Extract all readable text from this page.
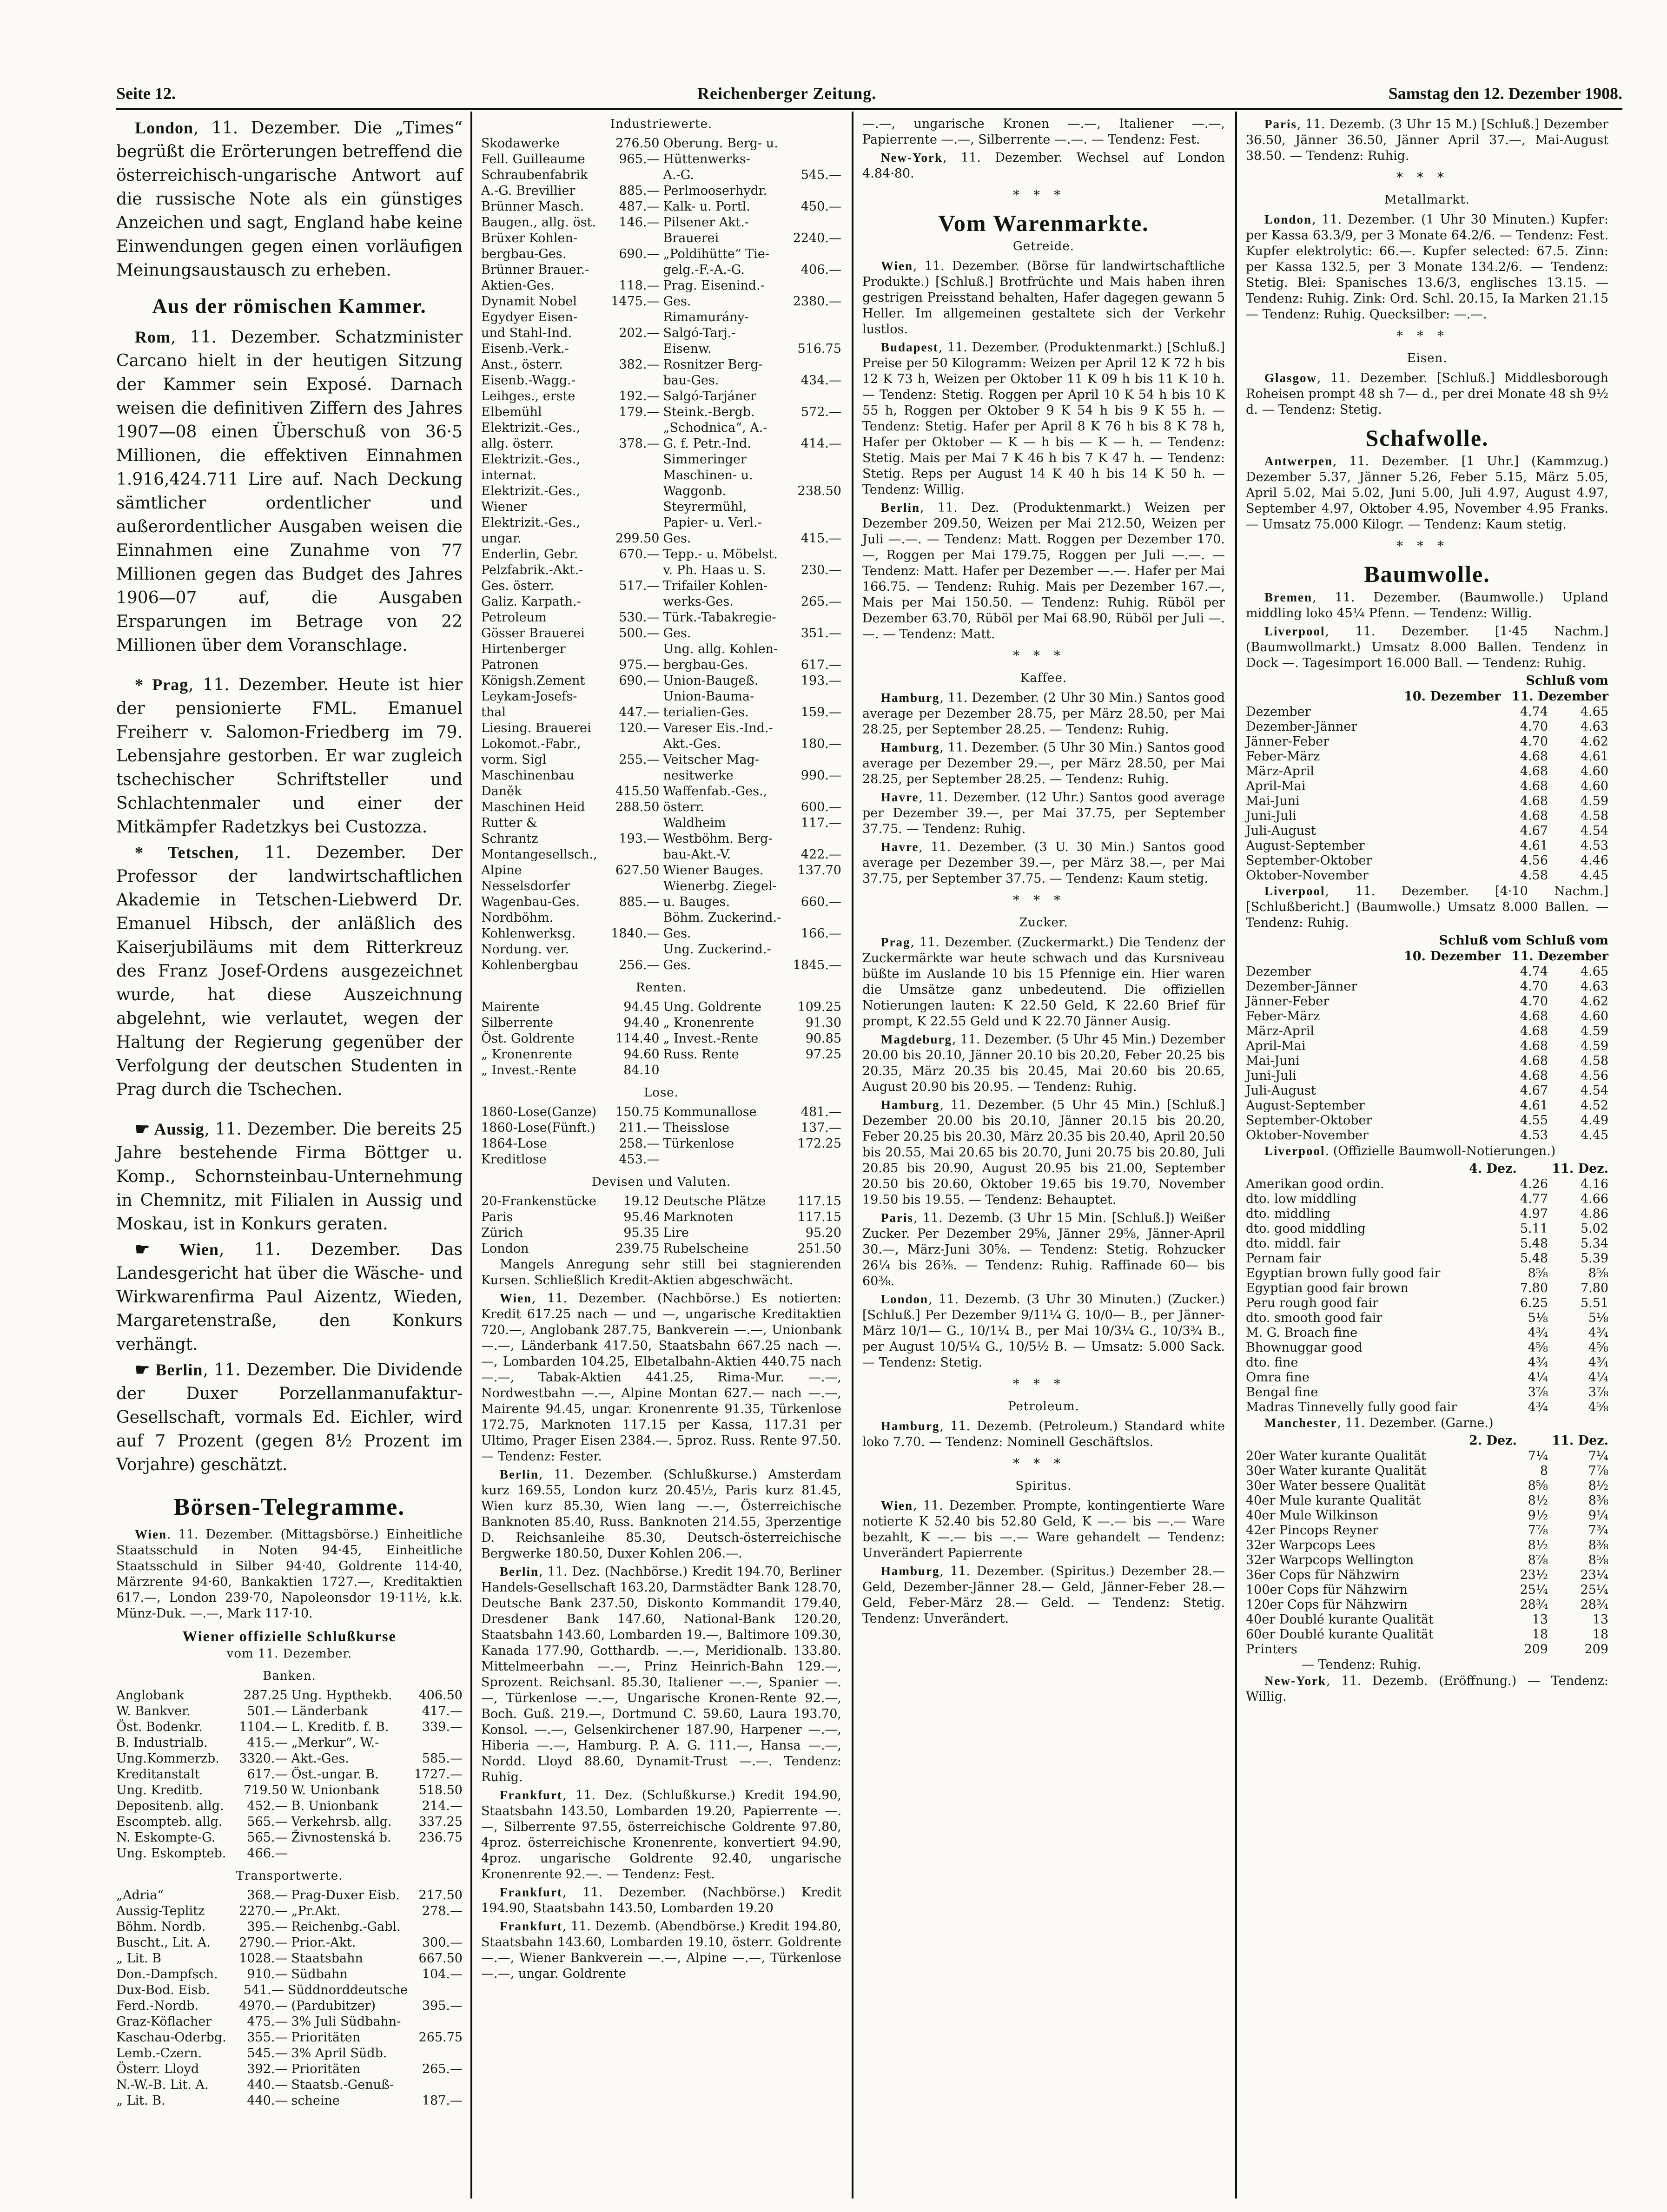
Seite 12.	Reichenberger Zeitung.	Samstag den 12. Dezember 1908.

London, 11. Dezember. Die „Times“ begrüßt die Erörterungen betreffend die österreichisch-ungarische Antwort auf die russische Note als ein günstiges Anzeichen und sagt, England habe keine Einwendungen gegen einen vorläufigen Meinungsaustausch zu erheben.

Aus der römischen Kammer.

Rom, 11. Dezember. Schatzminister Carcano hielt in der heutigen Sitzung der Kammer sein Exposé. Darnach weisen die definitiven Ziffern des Jahres 1907—08 einen Überschuß von 36·5 Millionen, die effektiven Einnahmen 1.916,424.711 Lire auf. Nach Deckung sämtlicher ordentlicher und außerordentlicher Ausgaben weisen die Einnahmen eine Zunahme von 77 Millionen gegen das Budget des Jahres 1906—07 auf, die Ausgaben Ersparungen im Betrage von 22 Millionen über dem Voranschlage.

* Prag, 11. Dezember. Heute ist hier der pensionierte FML. Emanuel Freiherr v. Salomon-Friedberg im 79. Lebensjahre gestorben. Er war zugleich tschechischer Schriftsteller und Schlachtenmaler und einer der Mitkämpfer Radetzkys bei Custozza.

* Tetschen, 11. Dezember. Der Professor der landwirtschaftlichen Akademie in Tetschen-Liebwerd Dr. Emanuel Hibsch, der anläßlich des Kaiserjubiläums mit dem Ritterkreuz des Franz Josef-Ordens ausgezeichnet wurde, hat diese Auszeichnung abgelehnt, wie verlautet, wegen der Haltung der Regierung gegenüber der Verfolgung der deutschen Studenten in Prag durch die Tschechen.

☛ Aussig, 11. Dezember. Die bereits 25 Jahre bestehende Firma Böttger u. Komp., Schornsteinbau-Unternehmung in Chemnitz, mit Filialen in Aussig und Moskau, ist in Konkurs geraten.

☛ Wien, 11. Dezember. Das Landesgericht hat über die Wäsche- und Wirkwarenfirma Paul Aizentz, Wieden, Margaretenstraße, den Konkurs verhängt.

☛ Berlin, 11. Dezember. Die Dividende der Duxer Porzellanmanufaktur-Gesellschaft, vormals Ed. Eichler, wird auf 7 Prozent (gegen 8½ Prozent im Vorjahre) geschätzt.

Börsen-Telegramme.

Wien. 11. Dezember. (Mittagsbörse.) Einheitliche Staatsschuld in Noten 94·45, Einheitliche Staatsschuld in Silber 94·40, Goldrente 114·40, Märzrente 94·60, Bankaktien 1727.—, Kreditaktien 617.—, London 239·70, Napoleonsdor 19·11½, k.k. Münz-Duk. —.—, Mark 117·10.

Wiener offizielle Schlußkurse
vom 11. Dezember.
Banken.
Anglobank	287.25 Ung. Hypthekb.	406.50
W. Bankver.	501.— Länderbank	417.—
Öst. Bodenkr.	1104.— L. Kreditb. f. B.	339.—
B. Industrialb.	415.— „Merkur“, W.-
Ung.Kommerzb.	3320.— Akt.-Ges.	585.—
Kreditanstalt	617.— Öst.-ungar. B.	1727.—
Ung. Kreditb.	719.50 W. Unionbank	518.50
Depositenb. allg.	452.— B. Unionbank	214.—
Escompteb. allg.	565.— Verkehrsb. allg.	337.25
N. Eskompte-G.	565.— Živnostenská b.	236.75
Ung. Eskompteb.	466.—
Transportwerte.
„Adria“	368.— Prag-Duxer Eisb.	217.50
Aussig-Teplitz	2270.— „Pr.Akt.	278.—
Böhm. Nordb.	395.— Reichenbg.-Gabl.
Buscht., Lit. A.	2790.— Prior.-Akt.	300.—
„ Lit. B	1028.— Staatsbahn	667.50
Don.-Dampfsch.	910.— Südbahn	104.—
Dux-Bod. Eisb.	541.— Süddnorddeutsche
Ferd.-Nordb.	4970.— (Pardubitzer)	395.—
Graz-Köflacher	475.— 3% Juli Südbahn-
Kaschau-Oderbg.	355.— Prioritäten	265.75
Lemb.-Czern.	545.— 3% April Südb.
Österr. Lloyd	392.— Prioritäten	265.—
N.-W.-B. Lit. A.	440.— Staatsb.-Genuß-
„ Lit. B.	440.— scheine	187.—
Industriewerte.
Skodawerke	276.50 Oberung. Berg- u.
Fell. Guilleaume	965.— Hüttenwerks-
Schraubenfabrik	A.-G.	545.—
A.-G. Brevillier	885.— Perlmooserhydr.
Brünner Masch.	487.— Kalk- u. Portl.	450.—
Baugen., allg. öst.	146.— Pilsener Akt.-
Brüxer Kohlen-	Brauerei	2240.—
bergbau-Ges.	690.— „Poldihütte“ Tie-
Brünner Brauer.-	gelg.-F.-A.-G.	406.—
Aktien-Ges.	118.— Prag. Eisenind.-
Dynamit Nobel	1475.— Ges.	2380.—
Egydyer Eisen-	Rimamurány-
und Stahl-Ind.	202.— Salgó-Tarj.-
Eisenb.-Verk.-	Eisenw.	516.75
Anst., österr.	382.— Rosnitzer Berg-
Eisenb.-Wagg.-	bau-Ges.	434.—
Leihges., erste	192.— Salgó-Tarjáner
Elbemühl	179.— Steink.-Bergb.	572.—
Elektrizit.-Ges.,	„Schodnica“, A.-
allg. österr.	378.— G. f. Petr.-Ind.	414.—
Elektrizit.-Ges.,	Simmeringer
internat.	Maschinen- u.
Elektrizit.-Ges.,	Waggonb.	238.50
Wiener	Steyrermühl,
Elektrizit.-Ges.,	Papier- u. Verl.-
ungar.	299.50 Ges.	415.—
Enderlin, Gebr.	670.— Tepp.- u. Möbelst.
Pelzfabrik.-Akt.-	v. Ph. Haas u. S.	230.—
Ges. österr.	517.— Trifailer Kohlen-
Galiz. Karpath.-	werks-Ges.	265.—
Petroleum	530.— Türk.-Tabakregie-
Gösser Brauerei	500.— Ges.	351.—
Hirtenberger	Ung. allg. Kohlen-
Patronen	975.— bergbau-Ges.	617.—
Königsh.Zement	690.— Union-Baugeß.	193.—
Leykam-Josefs-	Union-Bauma-
thal	447.— terialien-Ges.	159.—
Liesing. Brauerei	120.— Vareser Eis.-Ind.-
Lokomot.-Fabr.,	Akt.-Ges.	180.—
vorm. Sigl	255.— Veitscher Mag-
Maschinenbau	nesitwerke	990.—
Daněk	415.50 Waffenfab.-Ges.,
Maschinen Heid	288.50 österr.	600.—
Rutter &	Waldheim	117.—
Schrantz	193.— Westböhm. Berg-
Montangesellsch.,	bau-Akt.-V.	422.—
Alpine	627.50 Wiener Bauges.	137.70
Nesselsdorfer	Wienerbg. Ziegel-
Wagenbau-Ges.	885.— u. Bauges.	660.—
Nordböhm.	Böhm. Zuckerind.-
Kohlenwerksg.	1840.— Ges.	166.—
Nordung. ver.	Ung. Zuckerind.-
Kohlenbergbau	256.— Ges.	1845.—
Renten.
Mairente	94.45 Ung. Goldrente	109.25
Silberrente	94.40 „ Kronenrente	91.30
Öst. Goldrente	114.40 „ Invest.-Rente	90.85
„ Kronenrente	94.60 Russ. Rente	97.25
„ Invest.-Rente	84.10
Lose.
1860-Lose(Ganze)	150.75 Kommunallose	481.—
1860-Lose(Fünft.)	211.— Theisslose	137.—
1864-Lose	258.— Türkenlose	172.25
Kreditlose	453.—
Devisen und Valuten.
20-Frankenstücke	19.12 Deutsche Plätze	117.15
Paris	95.46 Marknoten	117.15
Zürich	95.35 Lire	95.20
London	239.75 Rubelscheine	251.50

Mangels Anregung sehr still bei stagnierenden Kursen. Schließlich Kredit-Aktien abgeschwächt.

Wien, 11. Dezember. (Nachbörse.) Es notierten: Kredit 617.25 nach — und —, ungarische Kreditaktien 720.—, Anglobank 287.75, Bankverein —.—, Unionbank —.—, Länderbank 417.50, Staatsbahn 667.25 nach —.—, Lombarden 104.25, Elbetalbahn-Aktien 440.75 nach —.—, Tabak-Aktien 441.25, Rima-Mur. —.—, Nordwestbahn —.—, Alpine Montan 627.— nach —.—, Mairente 94.45, ungar. Kronenrente 91.35, Türkenlose 172.75, Marknoten 117.15 per Kassa, 117.31 per Ultimo, Prager Eisen 2384.—. 5proz. Russ. Rente 97.50. — Tendenz: Fester.

Berlin, 11. Dezember. (Schlußkurse.) Amsterdam kurz 169.55, London kurz 20.45½, Paris kurz 81.45, Wien kurz 85.30, Wien lang —.—, Österreichische Banknoten 85.40, Russ. Banknoten 214.55, 3perzentige D. Reichsanleihe 85.30, Deutsch-österreichische Bergwerke 180.50, Duxer Kohlen 206.—.

Berlin, 11. Dez. (Nachbörse.) Kredit 194.70, Berliner Handels-Gesellschaft 163.20, Darmstädter Bank 128.70, Deutsche Bank 237.50, Diskonto Kommandit 179.40, Dresdener Bank 147.60, National-Bank 120.20, Staatsbahn 143.60, Lombarden 19.—, Baltimore 109.30, Kanada 177.90, Gotthardb. —.—, Meridionalb. 133.80. Mittelmeerbahn —.—, Prinz Heinrich-Bahn 129.—, Sprozent. Reichsanl. 85.30, Italiener —.—, Spanier —.—, Türkenlose —.—, Ungarische Kronen-Rente 92.—, Boch. Guß. 219.—, Dortmund C. 59.60, Laura 193.70, Konsol. —.—, Gelsenkirchener 187.90, Harpener —.—, Hiberia —.—, Hamburg. P. A. G. 111.—, Hansa —.—, Nordd. Lloyd 88.60, Dynamit-Trust —.—. Tendenz: Ruhig.

Frankfurt, 11. Dez. (Schlußkurse.) Kredit 194.90, Staatsbahn 143.50, Lombarden 19.20, Papierrente —.—, Silberrente 97.55, österreichische Goldrente 97.80, 4proz. österreichische Kronenrente, konvertiert 94.90, 4proz. ungarische Goldrente 92.40, ungarische Kronenrente 92.—. — Tendenz: Fest.

Frankfurt, 11. Dezember. (Nachbörse.) Kredit 194.90, Staatsbahn 143.50, Lombarden 19.20

Frankfurt, 11. Dezemb. (Abendbörse.) Kredit 194.80, Staatsbahn 143.60, Lombarden 19.10, österr. Goldrente —.—, Wiener Bankverein —.—, Alpine —.—, Türkenlose —.—, ungar. Goldrente

—.—, ungarische Kronen —.—, Italiener —.—, Papierrente —.—, Silberrente —.—. — Tendenz: Fest.

New-York, 11. Dezember. Wechsel auf London 4.84·80.

***
Vom Warenmarkte.
Getreide.

Wien, 11. Dezember. (Börse für landwirtschaftliche Produkte.) [Schluß.] Brotfrüchte und Mais haben ihren gestrigen Preisstand behalten, Hafer dagegen gewann 5 Heller. Im allgemeinen gestaltete sich der Verkehr lustlos.

Budapest, 11. Dezember. (Produktenmarkt.) [Schluß.] Preise per 50 Kilogramm: Weizen per April 12 K 72 h bis 12 K 73 h, Weizen per Oktober 11 K 09 h bis 11 K 10 h. — Tendenz: Stetig. Roggen per April 10 K 54 h bis 10 K 55 h, Roggen per Oktober 9 K 54 h bis 9 K 55 h. — Tendenz: Stetig. Hafer per April 8 K 76 h bis 8 K 78 h, Hafer per Oktober — K — h bis — K — h. — Tendenz: Stetig. Mais per Mai 7 K 46 h bis 7 K 47 h. — Tendenz: Stetig. Reps per August 14 K 40 h bis 14 K 50 h. — Tendenz: Willig.

Berlin, 11. Dez. (Produktenmarkt.) Weizen per Dezember 209.50, Weizen per Mai 212.50, Weizen per Juli —.—. — Tendenz: Matt. Roggen per Dezember 170.—, Roggen per Mai 179.75, Roggen per Juli —.—. — Tendenz: Matt. Hafer per Dezember —.—. Hafer per Mai 166.75. — Tendenz: Ruhig. Mais per Dezember 167.—, Mais per Mai 150.50. — Tendenz: Ruhig. Rüböl per Dezember 63.70, Rüböl per Mai 68.90, Rüböl per Juli —.—. — Tendenz: Matt.

***
Kaffee.

Hamburg, 11. Dezember. (2 Uhr 30 Min.) Santos good average per Dezember 28.75, per März 28.50, per Mai 28.25, per September 28.25. — Tendenz: Ruhig.

Hamburg, 11. Dezember. (5 Uhr 30 Min.) Santos good average per Dezember 29.—, per März 28.50, per Mai 28.25, per September 28.25. — Tendenz: Ruhig.

Havre, 11. Dezember. (12 Uhr.) Santos good average per Dezember 39.—, per Mai 37.75, per September 37.75. — Tendenz: Ruhig.

Havre, 11. Dezember. (3 U. 30 Min.) Santos good average per Dezember 39.—, per März 38.—, per Mai 37.75, per September 37.75. — Tendenz: Kaum stetig.

***
Zucker.

Prag, 11. Dezember. (Zuckermarkt.) Die Tendenz der Zuckermärkte war heute schwach und das Kursniveau büßte im Auslande 10 bis 15 Pfennige ein. Hier waren die Umsätze ganz unbedeutend. Die offiziellen Notierungen lauten: K 22.50 Geld, K 22.60 Brief für prompt, K 22.55 Geld und K 22.70 Jänner Ausig.

Magdeburg, 11. Dezember. (5 Uhr 45 Min.) Dezember 20.00 bis 20.10, Jänner 20.10 bis 20.20, Feber 20.25 bis 20.35, März 20.35 bis 20.45, Mai 20.60 bis 20.65, August 20.90 bis 20.95. — Tendenz: Ruhig.

Hamburg, 11. Dezember. (5 Uhr 45 Min.) [Schluß.] Dezember 20.00 bis 20.10, Jänner 20.15 bis 20.20, Feber 20.25 bis 20.30, März 20.35 bis 20.40, April 20.50 bis 20.55, Mai 20.65 bis 20.70, Juni 20.75 bis 20.80, Juli 20.85 bis 20.90, August 20.95 bis 21.00, September 20.50 bis 20.60, Oktober 19.65 bis 19.70, November 19.50 bis 19.55. — Tendenz: Behauptet.

Paris, 11. Dezemb. (3 Uhr 15 Min. [Schluß.]) Weißer Zucker. Per Dezember 29⅝, Jänner 29⅝, Jänner-April 30.—, März-Juni 30⅝. — Tendenz: Stetig. Rohzucker 26¼ bis 26⅜. — Tendenz: Ruhig. Raffinade 60— bis 60⅜.

London, 11. Dezemb. (3 Uhr 30 Minuten.) (Zucker.) [Schluß.] Per Dezember 9/11¼ G. 10/0— B., per Jänner-März 10/1— G., 10/1¼ B., per Mai 10/3¼ G., 10/3¾ B., per August 10/5¼ G., 10/5½ B. — Umsatz: 5.000 Sack. — Tendenz: Stetig.

***
Petroleum.

Hamburg, 11. Dezemb. (Petroleum.) Standard white loko 7.70. — Tendenz: Nominell Geschäftslos.

***
Spiritus.

Wien, 11. Dezember. Prompte, kontingentierte Ware notierte K 52.40 bis 52.80 Geld, K —.— bis —.— Ware bezahlt, K —.— bis —.— Ware gehandelt — Tendenz: Unverändert Papierrente

Hamburg, 11. Dezember. (Spiritus.) Dezember 28.— Geld, Dezember-Jänner 28.— Geld, Jänner-Feber 28.— Geld, Feber-März 28.— Geld. — Tendenz: Stetig. Tendenz: Unverändert.

Paris, 11. Dezemb. (3 Uhr 15 M.) [Schluß.] Dezember 36.50, Jänner 36.50, Jänner April 37.—, Mai-August 38.50. — Tendenz: Ruhig.

***
Metallmarkt.

London, 11. Dezember. (1 Uhr 30 Minuten.) Kupfer: per Kassa 63.3/9, per 3 Monate 64.2/6. — Tendenz: Fest. Kupfer elektrolytic: 66.—. Kupfer selected: 67.5. Zinn: per Kassa 132.5, per 3 Monate 134.2/6. — Tendenz: Stetig. Blei: Spanisches 13.6/3, englisches 13.15. — Tendenz: Ruhig. Zink: Ord. Schl. 20.15, Ia Marken 21.15 — Tendenz: Ruhig. Quecksilber: —.—.

***
Eisen.

Glasgow, 11. Dezember. [Schluß.] Middlesborough Roheisen prompt 48 sh 7— d., per drei Monate 48 sh 9½ d. — Tendenz: Stetig.

Schafwolle.

Antwerpen, 11. Dezember. [1 Uhr.] (Kammzug.) Dezember 5.37, Jänner 5.26, Feber 5.15, März 5.05, April 5.02, Mai 5.02, Juni 5.00, Juli 4.97, August 4.97, September 4.97, Oktober 4.95, November 4.95 Franks. — Umsatz 75.000 Kilogr. — Tendenz: Kaum stetig.

***
Baumwolle.

Bremen, 11. Dezember. (Baumwolle.) Upland middling loko 45¼ Pfenn. — Tendenz: Willig.

Liverpool, 11. Dezember. [1·45 Nachm.] (Baumwollmarkt.) Umsatz 8.000 Ballen. Tendenz in Dock —. Tagesimport 16.000 Ball. — Tendenz: Ruhig.

Schluß vom
10. Dezember 11. Dezember
Dezember	4.74	4.65
Dezember-Jänner	4.70	4.63
Jänner-Feber	4.70	4.62
Feber-März	4.68	4.61
März-April	4.68	4.60
April-Mai	4.68	4.60
Mai-Juni	4.68	4.59
Juni-Juli	4.68	4.58
Juli-August	4.67	4.54
August-September	4.61	4.53
September-Oktober	4.56	4.46
Oktober-November	4.58	4.45

Liverpool, 11. Dezember. [4·10 Nachm.] [Schlußbericht.] (Baumwolle.) Umsatz 8.000 Ballen. — Tendenz: Ruhig.

Schluß vom Schluß vom
10. Dezember 11. Dezember
Dezember	4.74	4.65
Dezember-Jänner	4.70	4.63
Jänner-Feber	4.70	4.62
Feber-März	4.68	4.60
März-April	4.68	4.59
April-Mai	4.68	4.59
Mai-Juni	4.68	4.58
Juni-Juli	4.68	4.56
Juli-August	4.67	4.54
August-September	4.61	4.52
September-Oktober	4.55	4.49
Oktober-November	4.53	4.45

Liverpool. (Offizielle Baumwoll-Notierungen.)

4. Dez.	11. Dez.
Amerikan good ordin.	4.26	4.16
dto. low middling	4.77	4.66
dto. middling	4.97	4.86
dto. good middling	5.11	5.02
dto. middl. fair	5.48	5.34
Pernam fair	5.48	5.39
Egyptian brown fully good fair	8⅝	8⅝
Egyptian good fair brown	7.80	7.80
Peru rough good fair	6.25	5.51
dto. smooth good fair	5⅛	5⅛
M. G. Broach fine	4¾	4¾
Bhownuggar good	4⅝	4⅝
dto. fine	4¾	4¾
Omra fine	4¼	4¼
Bengal fine	3⅞	3⅞
Madras Tinnevelly fully good fair	4¾	4⅝

Manchester, 11. Dezember. (Garne.)

2. Dez.	11. Dez.
20er Water kurante Qualität	7¼	7¼
30er Water kurante Qualität	8	7⅞
30er Water bessere Qualität	8⅝	8½
40er Mule kurante Qualität	8½	8⅜
40er Mule Wilkinson	9½	9¼
42er Pincops Reyner	7⅞	7¾
32er Warpcops Lees	8½	8⅜
32er Warpcops Wellington	8⅞	8⅝
36er Cops für Nähzwirn	23½	23¼
100er Cops für Nähzwirn	25¼	25¼
120er Cops für Nähzwirn	28¾	28¾
40er Doublé kurante Qualität	13	13
60er Doublé kurante Qualität	18	18
Printers	209	209
— Tendenz: Ruhig.

New-York, 11. Dezemb. (Eröffnung.) — Tendenz: Willig.
